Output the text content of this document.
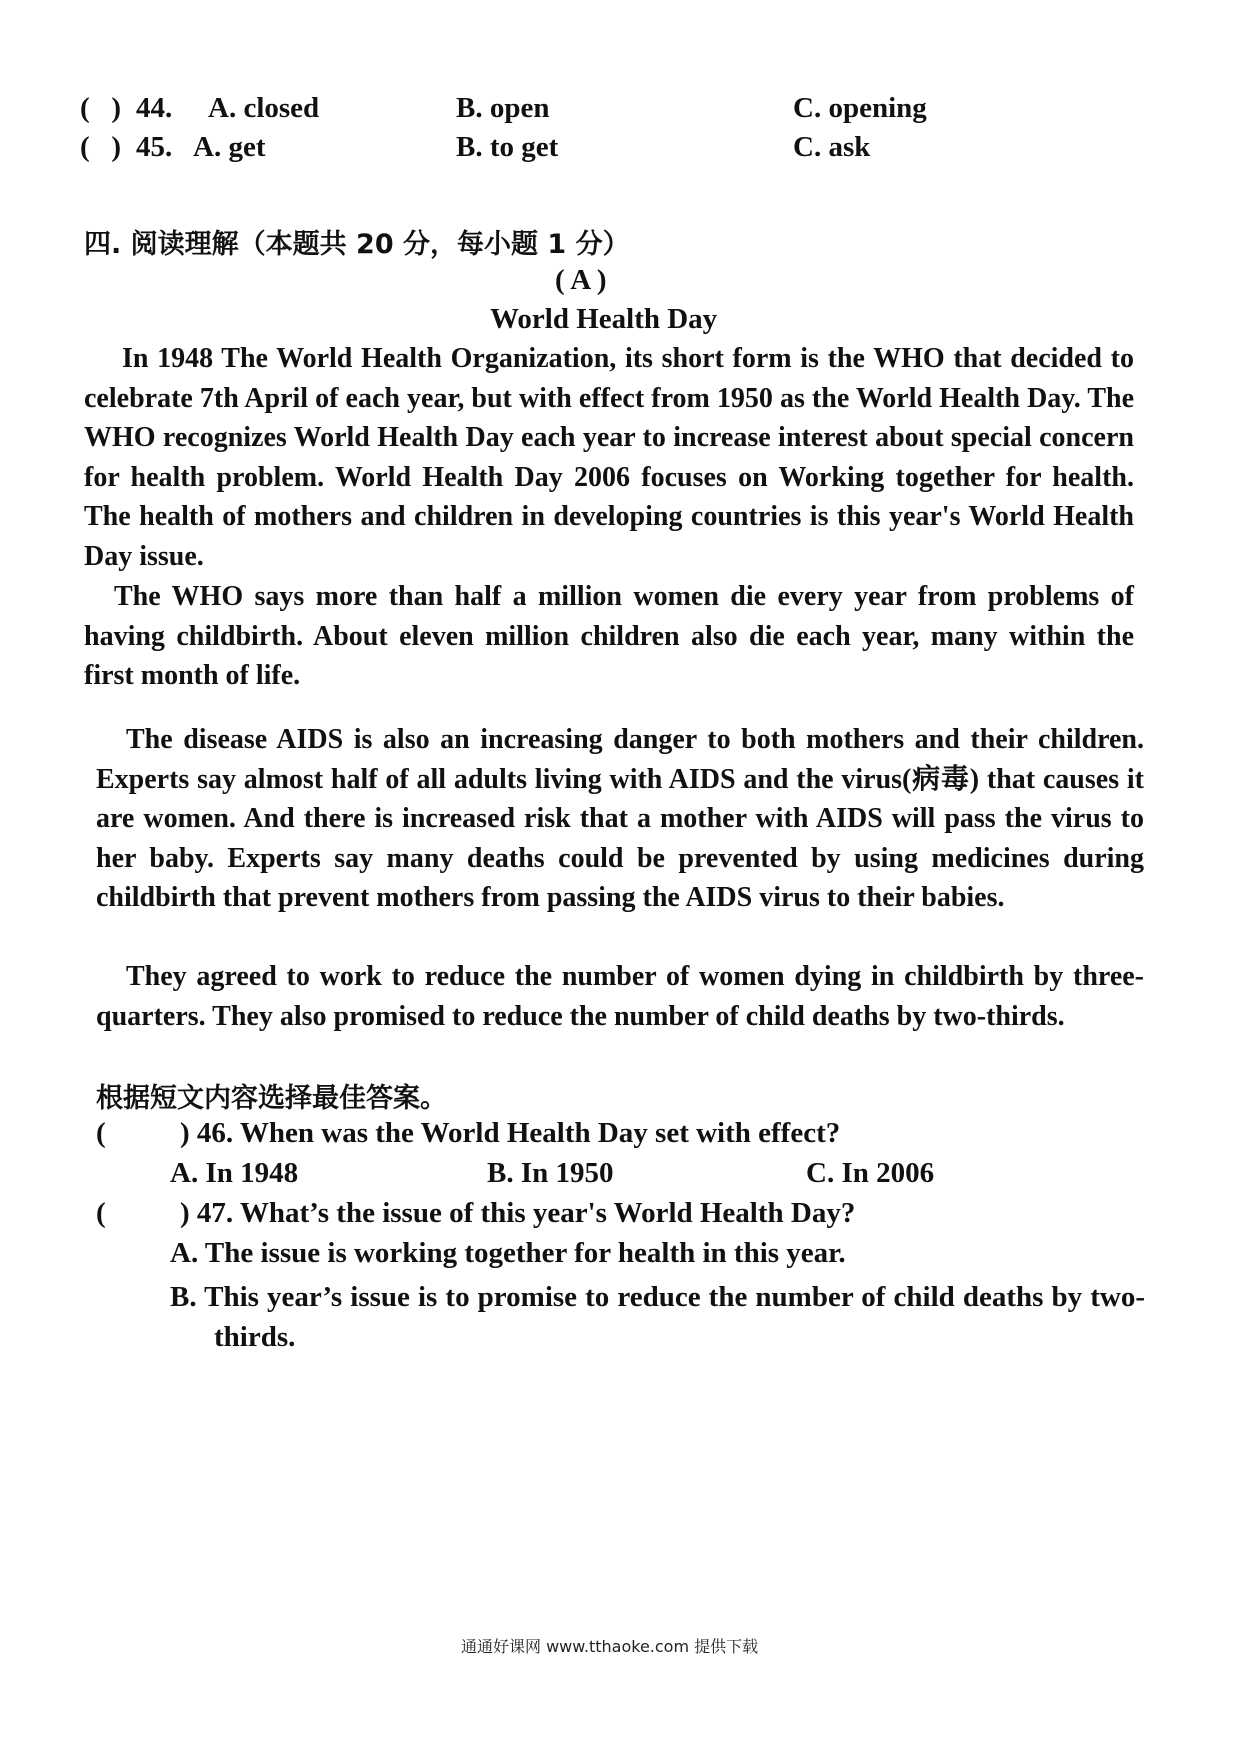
(   ) 44. A. closed	B. open	C. opening
(   ) 45. A. get	B. to get	C. ask
四. 阅读理解（本题共 20 分，每小题 1 分）
( A )
World Health Day
In 1948 The World Health Organization, its short form is the WHO that decided to celebrate 7th April of each year, but with effect from 1950 as the World Health Day. The WHO recognizes World Health Day each year to increase interest about special concern for health problem. World Health Day 2006 focuses on Working together for health. The health of mothers and children in developing countries is this year's World Health Day issue.
The WHO says more than half a million women die every year from problems of having childbirth. About eleven million children also die each year, many within the first month of life.
The disease AIDS is also an increasing danger to both mothers and their children. Experts say almost half of all adults living with AIDS and the virus(病毒) that causes it are women. And there is increased risk that a mother with AIDS will pass the virus to her baby. Experts say many deaths could be prevented by using medicines during childbirth that prevent mothers from passing the AIDS virus to their babies.
They agreed to work to reduce the number of women dying in childbirth by three-quarters. They also promised to reduce the number of child deaths by two-thirds.
根据短文内容选择最佳答案。
(	) 46. When was the World Health Day set with effect?
A. In 1948	B. In 1950	C. In 2006
(	) 47. What’s the issue of this year's World Health Day?
A. The issue is working together for health in this year.
B. This year’s issue is to promise to reduce the number of child deaths by two-thirds.
通通好课网 www.tthaoke.com 提供下载
